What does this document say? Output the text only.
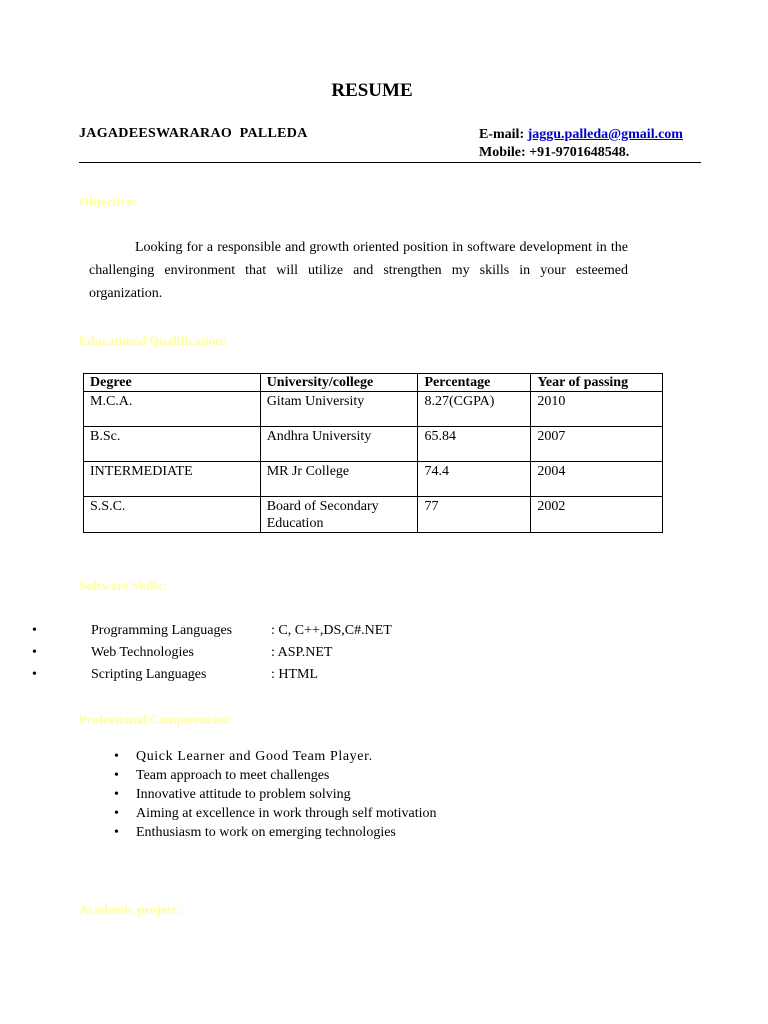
RESUME
JAGADEESWARARAO  PALLEDA	E-mail: jaggu.palleda@gmail.com
Mobile: +91-9701648548.
Objective:
Looking for a responsible and growth oriented position in software development in the challenging environment that will utilize and strengthen my skills in your esteemed organization.
Educational Qualification:
Degree	University/college	Percentage	Year of passing
M.C.A.	Gitam University	8.27(CGPA)	2010
B.Sc.	Andhra University	65.84	2007
INTERMEDIATE	MR Jr College	74.4	2004
S.S.C.	Board of Secondary Education	77	2002
Software Skills:
•	Programming Languages	: C, C++,DS,C#.NET
•	Web Technologies	: ASP.NET
•	Scripting Languages	: HTML
Professional Competencies:
• Quick Learner and Good Team Player.
• Team approach to meet challenges
• Innovative attitude to problem solving
• Aiming at excellence in work through self motivation
• Enthusiasm to work on emerging technologies
Academic project:
